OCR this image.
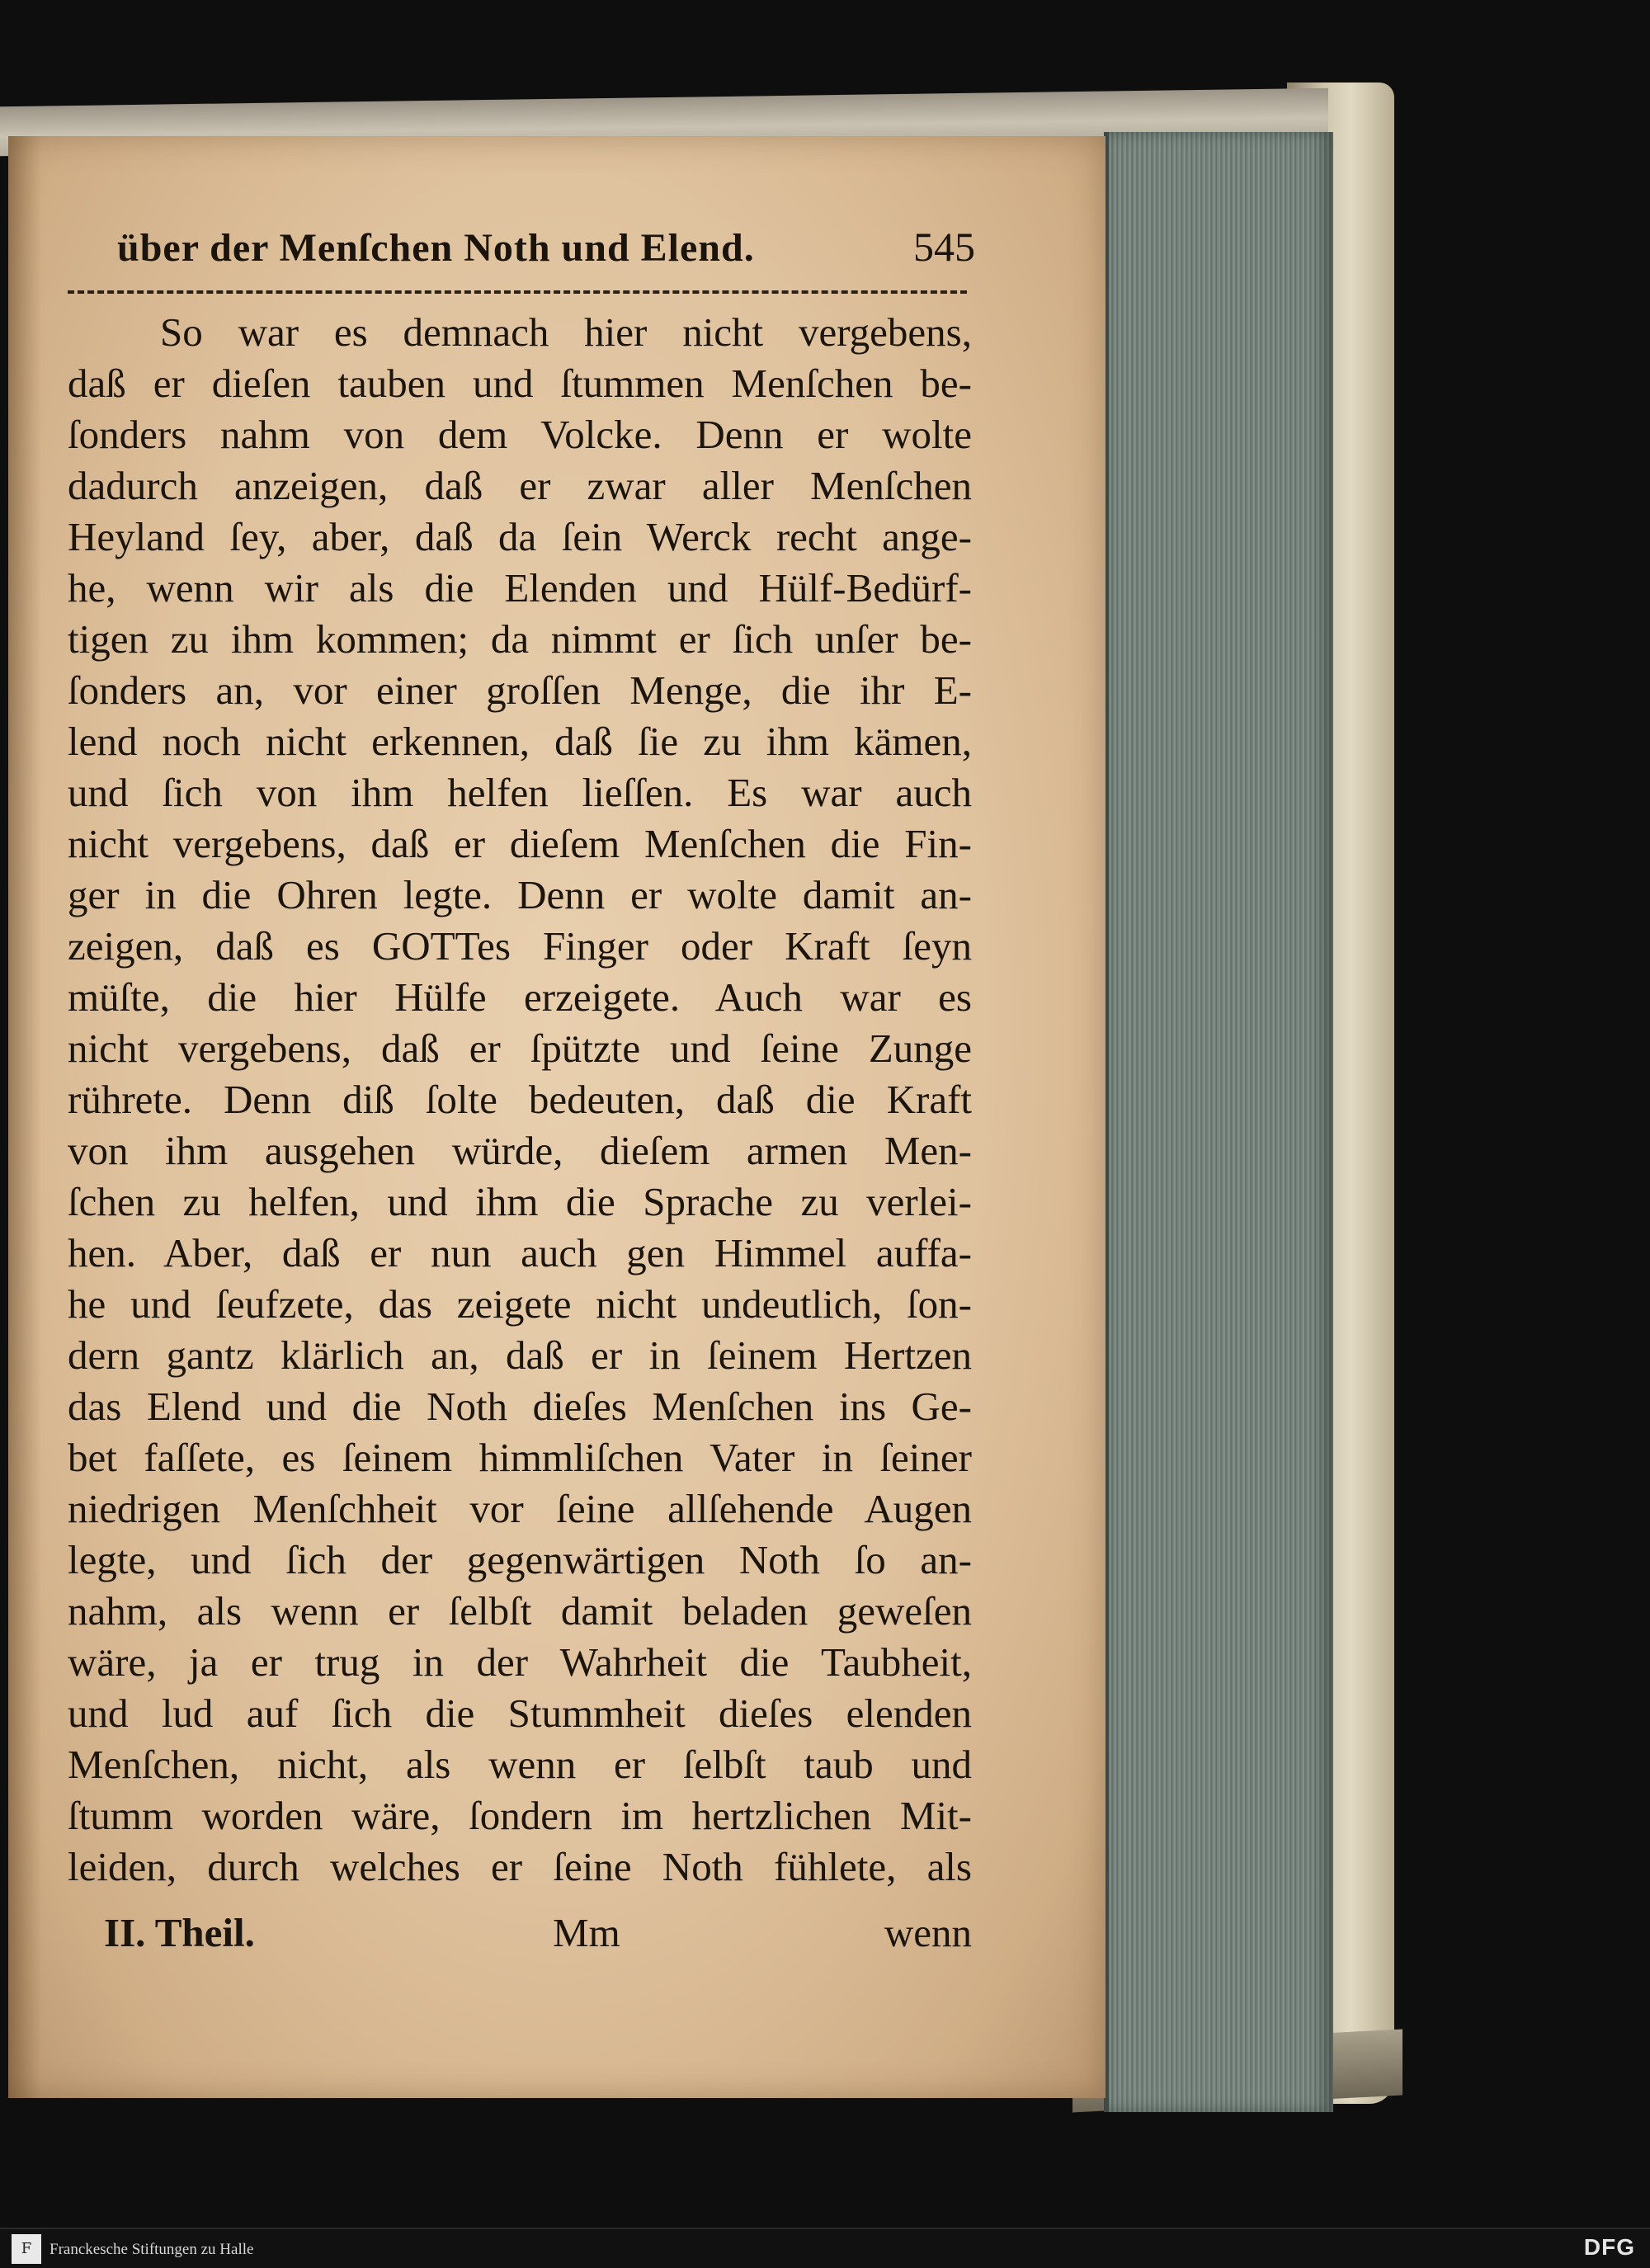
über der Menſchen Noth und Elend.	545
So war es demnach hier nicht vergebens,
daß er dieſen tauben und ſtummen Menſchen be-
ſonders nahm von dem Volcke. Denn er wolte
dadurch anzeigen, daß er zwar aller Menſchen
Heyland ſey, aber, daß da ſein Werck recht ange-
he, wenn wir als die Elenden und Hülf-Bedürf-
tigen zu ihm kommen; da nimmt er ſich unſer be-
ſonders an, vor einer groſſen Menge, die ihr E-
lend noch nicht erkennen, daß ſie zu ihm kämen,
und ſich von ihm helfen lieſſen. Es war auch
nicht vergebens, daß er dieſem Menſchen die Fin-
ger in die Ohren legte. Denn er wolte damit an-
zeigen, daß es GOTTes Finger oder Kraft ſeyn
müſte, die hier Hülfe erzeigete. Auch war es
nicht vergebens, daß er ſpützte und ſeine Zunge
rührete. Denn diß ſolte bedeuten, daß die Kraft
von ihm ausgehen würde, dieſem armen Men-
ſchen zu helfen, und ihm die Sprache zu verlei-
hen. Aber, daß er nun auch gen Himmel auffa-
he und ſeufzete, das zeigete nicht undeutlich, ſon-
dern gantz klärlich an, daß er in ſeinem Hertzen
das Elend und die Noth dieſes Menſchen ins Ge-
bet faſſete, es ſeinem himmliſchen Vater in ſeiner
niedrigen Menſchheit vor ſeine allſehende Augen
legte, und ſich der gegenwärtigen Noth ſo an-
nahm, als wenn er ſelbſt damit beladen geweſen
wäre, ja er trug in der Wahrheit die Taubheit,
und lud auf ſich die Stummheit dieſes elenden
Menſchen, nicht, als wenn er ſelbſt taub und
ſtumm worden wäre, ſondern im hertzlichen Mit-
leiden, durch welches er ſeine Noth fühlete, als
II. Theil.	Mm	wenn
F	Franckesche Stiftungen zu Halle	DFG
